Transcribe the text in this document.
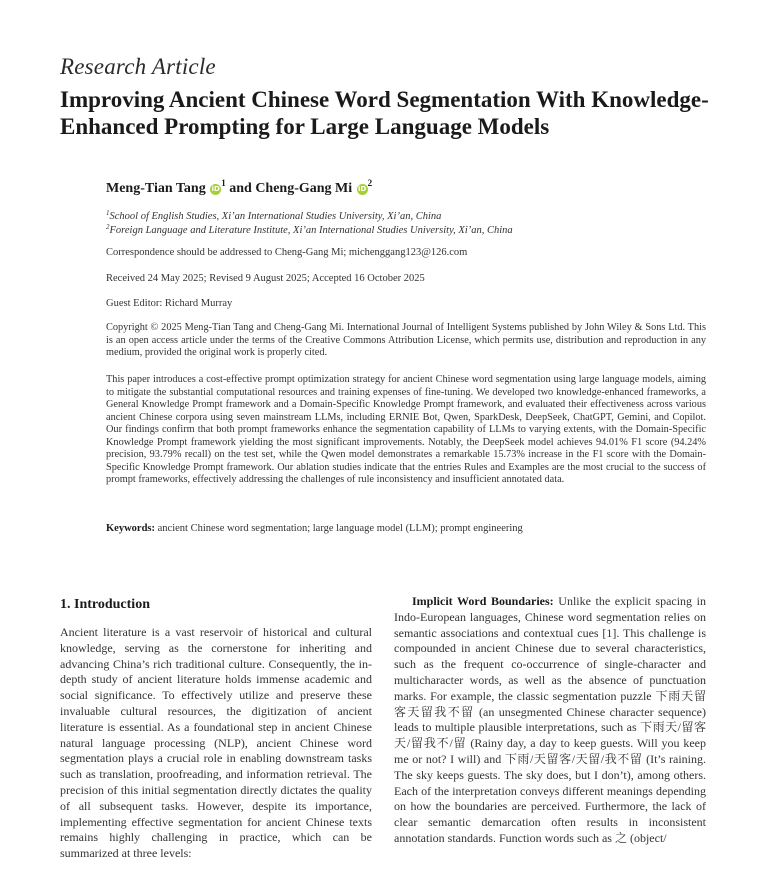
Research Article
Improving Ancient Chinese Word Segmentation With Knowledge-Enhanced Prompting for Large Language Models
Meng-Tian Tang $iD^1$ and Cheng-Gang Mi $iD^2$
$^1$School of English Studies, Xi’an International Studies University, Xi’an, China
$^2$Foreign Language and Literature Institute, Xi’an International Studies University, Xi’an, China
Correspondence should be addressed to Cheng-Gang Mi; michenggang123@126.com
Received 24 May 2025; Revised 9 August 2025; Accepted 16 October 2025
Guest Editor: Richard Murray
Copyright © 2025 Meng-Tian Tang and Cheng-Gang Mi. International Journal of Intelligent Systems published by John Wiley & Sons Ltd. This is an open access article under the terms of the Creative Commons Attribution License, which permits use, distribution and reproduction in any medium, provided the original work is properly cited.
This paper introduces a cost-effective prompt optimization strategy for ancient Chinese word segmentation using large language models, aiming to mitigate the substantial computational resources and training expenses of fine-tuning. We developed two knowledge-enhanced frameworks, a General Knowledge Prompt framework and a Domain-Specific Knowledge Prompt framework, and evaluated their effectiveness across various ancient Chinese corpora using seven mainstream LLMs, including ERNIE Bot, Qwen, SparkDesk, DeepSeek, ChatGPT, Gemini, and Copilot. Our findings confirm that both prompt frameworks enhance the segmentation capability of LLMs to varying extents, with the Domain-Specific Knowledge Prompt framework yielding the most significant improvements. Notably, the DeepSeek model achieves 94.01% F1 score (94.24% precision, 93.79% recall) on the test set, while the Qwen model demonstrates a remarkable 15.73% increase in the F1 score with the Domain-Specific Knowledge Prompt framework. Our ablation studies indicate that the entries Rules and Examples are the most crucial to the success of prompt frameworks, effectively addressing the challenges of rule inconsistency and insufficient annotated data.
Keywords: ancient Chinese word segmentation; large language model (LLM); prompt engineering
1. Introduction
Ancient literature is a vast reservoir of historical and cultural knowledge, serving as the cornerstone for inheriting and advancing China’s rich traditional culture. Consequently, the in-depth study of ancient literature holds immense academic and social significance. To effectively utilize and preserve these invaluable cultural resources, the digitization of ancient literature is essential. As a foundational step in ancient Chinese natural language processing (NLP), ancient Chinese word segmentation plays a crucial role in enabling downstream tasks such as translation, proofreading, and information retrieval. The precision of this initial segmentation directly dictates the quality of all subsequent tasks. However, despite its importance, implementing effective segmentation for ancient Chinese texts remains highly challenging in practice, which can be summarized at three levels:
Implicit Word Boundaries: Unlike the explicit spacing in Indo-European languages, Chinese word segmentation relies on semantic associations and contextual cues [1]. This challenge is compounded in ancient Chinese due to several characteristics, such as the frequent co-occurrence of single-character and multicharacter words, as well as the absence of punctuation marks. For example, the classic segmentation puzzle 下雨天留客天留我不留 (an unsegmented Chinese character sequence) leads to multiple plausible interpretations, such as 下雨天/留客天/留我不/留 (Rainy day, a day to keep guests. Will you keep me or not? I will) and 下雨/天留客/天留/我不留 (It’s raining. The sky keeps guests. The sky does, but I don’t), among others. Each of the interpretation conveys different meanings depending on how the boundaries are perceived. Furthermore, the lack of clear semantic demarcation often results in inconsistent annotation standards. Function words such as 之 (object/
